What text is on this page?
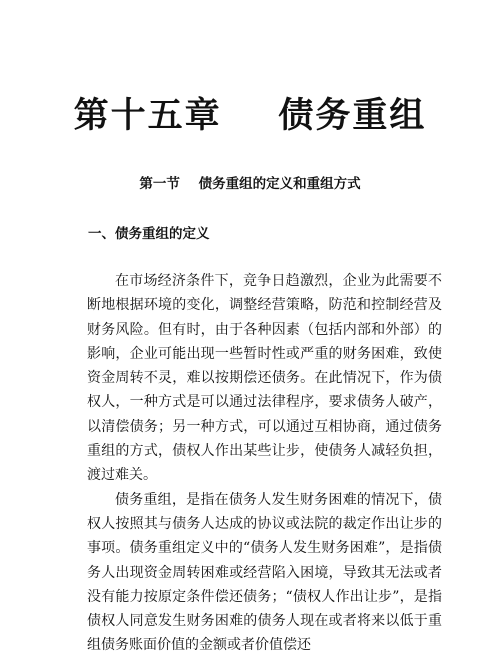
第十五章    债务重组
第一节    债务重组的定义和重组方式
一、债务重组的定义

在市场经济条件下，竞争日趋激烈，企业为此需要不断地根据环境的变化，调整经营策略，防范和控制经营及财务风险。但有时，由于各种因素（包括内部和外部）的影响，企业可能出现一些暂时性或严重的财务困难，致使资金周转不灵，难以按期偿还债务。在此情况下，作为债权人，一种方式是可以通过法律程序，要求债务人破产，以清偿债务；另一种方式，可以通过互相协商，通过债务重组的方式，债权人作出某些让步，使债务人减轻负担，渡过难关。

债务重组，是指在债务人发生财务困难的情况下，债权人按照其与债务人达成的协议或法院的裁定作出让步的事项。债务重组定义中的“债务人发生财务困难”，是指债务人出现资金周转困难或经营陷入困境，导致其无法或者没有能力按原定条件偿还债务；“债权人作出让步”，是指债权人同意发生财务困难的债务人现在或者将来以低于重组债务账面价值的金额或者价值偿还
